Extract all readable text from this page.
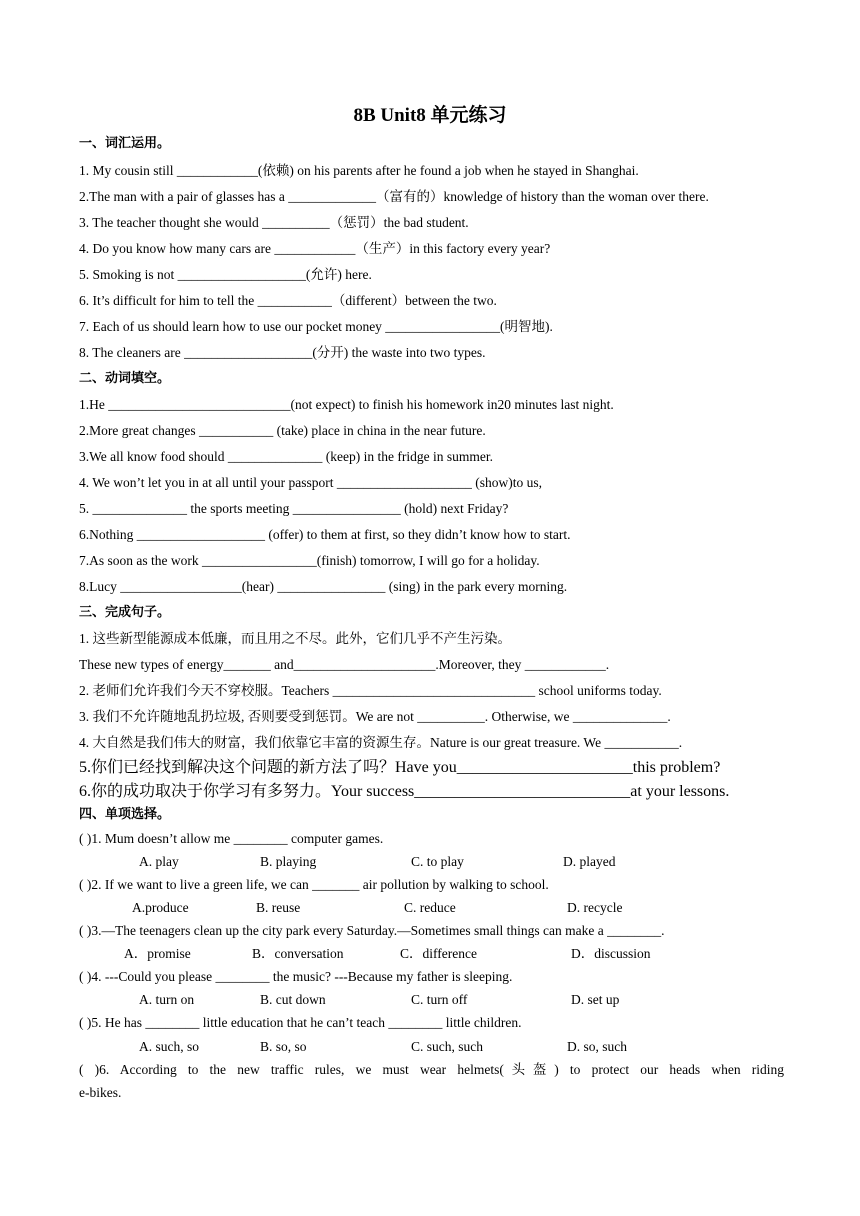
8B Unit8 单元练习
一、词汇运用。
1. My cousin still ____________(依赖) on his parents after he found a job when he stayed in Shanghai.
2.The man with a pair of glasses has a _____________（富有的）knowledge of history than the woman over there.
3. The teacher thought she would __________（惩罚）the bad student.
4. Do you know how many cars are ____________（生产）in this factory every year?
5. Smoking is not ___________________(允许) here.
6. It’s difficult for him to tell the ___________（different）between the two.
7. Each of us should learn how to use our pocket money _________________(明智地).
8. The cleaners are ___________________(分开) the waste into two types.
二、动词填空。
1.He ___________________________(not expect) to finish his homework in20 minutes last night.
2.More great changes ___________ (take) place in china in the near future.
3.We all know food should ______________ (keep) in the fridge in summer.
4. We won’t let you in at all until your passport ____________________ (show)to us,
5. ______________ the sports meeting ________________ (hold) next Friday?
6.Nothing ___________________ (offer) to them at first, so they didn’t know how to start.
7.As soon as the work _________________(finish) tomorrow, I will go for a holiday.
8.Lucy __________________(hear) ________________ (sing) in the park every morning.
三、完成句子。
1. 这些新型能源成本低廉，而且用之不尽。此外，它们几乎不产生污染。
These new types of energy_______ and_____________________.Moreover, they ____________.
2. 老师们允许我们今天不穿校服。Teachers ______________________________ school uniforms today.
3. 我们不允许随地乱扔垃圾, 否则要受到惩罚。We are not __________. Otherwise, we ______________.
4. 大自然是我们伟大的财富，我们依靠它丰富的资源生存。Nature is our great treasure. We ___________.
5.你们已经找到解决这个问题的新方法了吗？Have you______________________this problem?
6.你的成功取决于你学习有多努力。Your success___________________________at your lessons.
四、单项选择。
( )1. Mum doesn’t allow me ________ computer games.
A. play	B. playing	C. to play	D. played
( )2. If we want to live a green life, we can _______ air pollution by walking to school.
A.produce	B. reuse	C. reduce	D. recycle
( )3.—The teenagers clean up the city park every Saturday.—Sometimes small things can make a ________.
A．promise	B．conversation	C．difference	D．discussion
( )4. ---Could you please ________ the music? ---Because my father is sleeping.
A. turn on	B. cut down	C. turn off	D. set up
( )5. He has ________ little education that he can’t teach ________ little children.
A. such, so	B. so, so	C. such, such	D. so, such
( )6. According to the new traffic rules, we must wear helmets(头盔) to protect our heads when riding
e-bikes.
